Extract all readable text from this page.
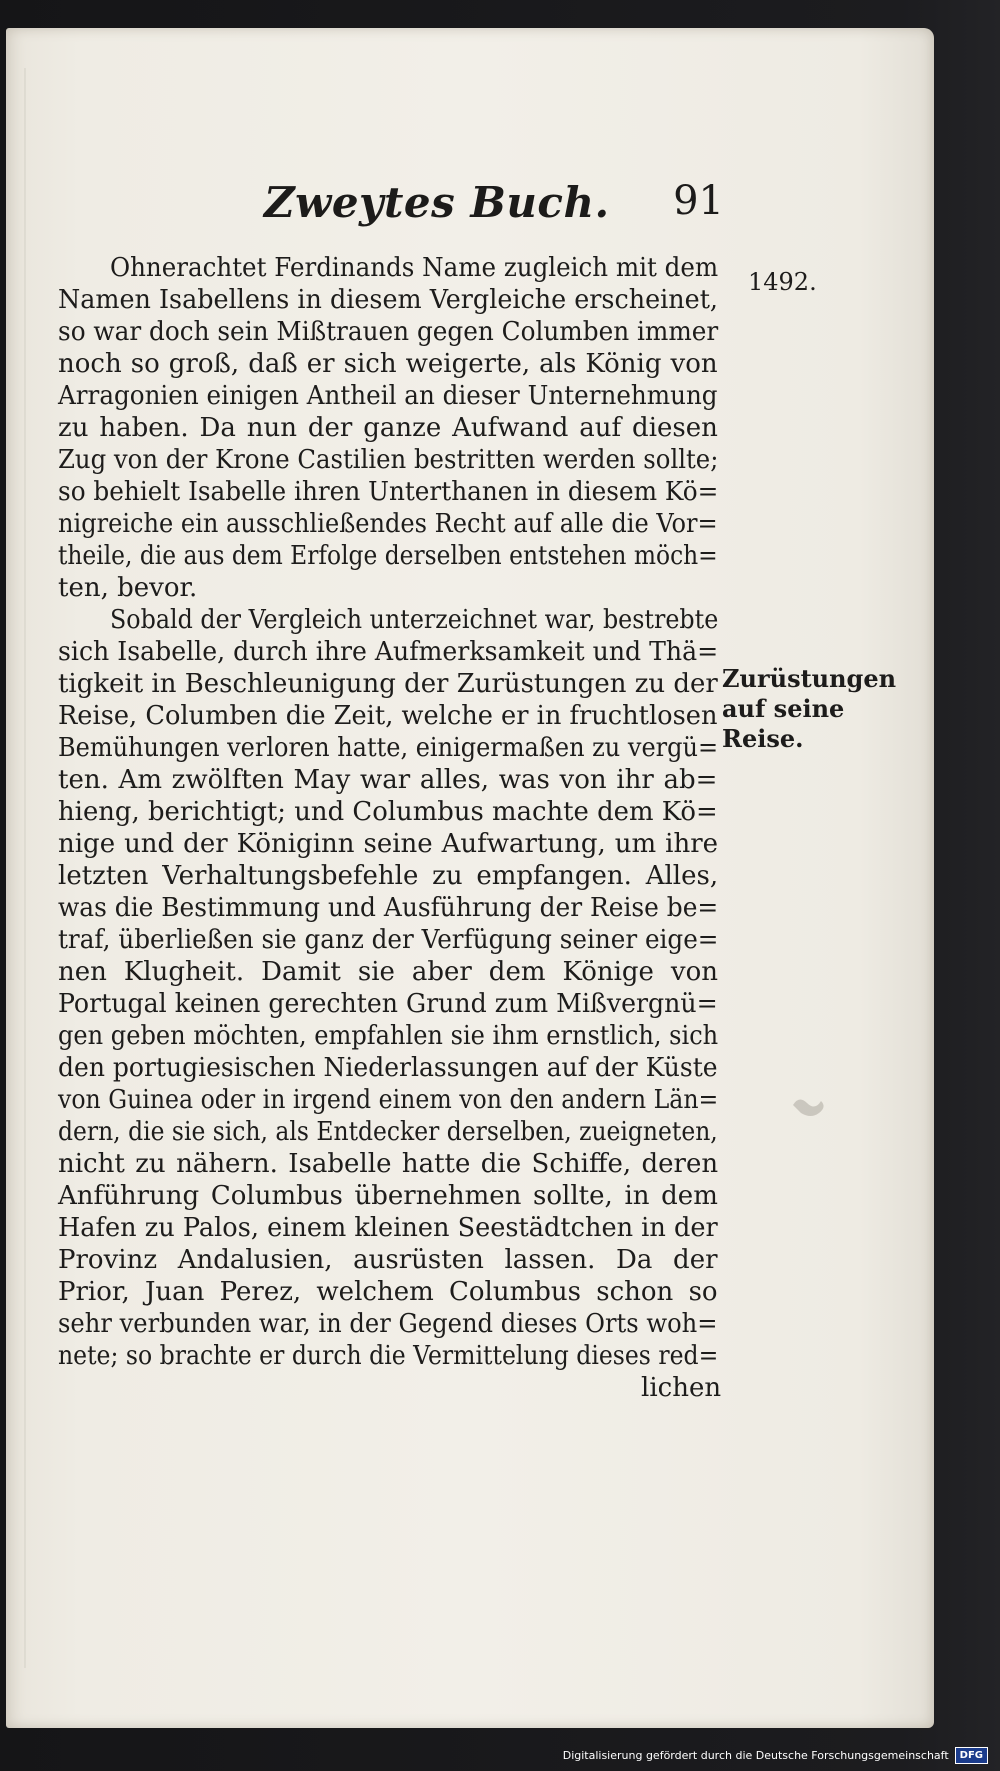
Zweytes Buch. 91
1492.
Zurüstungen
auf seine
Reise.
Ohnerachtet Ferdinands Name zugleich mit dem
Namen Isabellens in diesem Vergleiche erscheinet,
so war doch sein Mißtrauen gegen Columben immer
noch so groß, daß er sich weigerte, als König von
Arragonien einigen Antheil an dieser Unternehmung
zu haben. Da nun der ganze Aufwand auf diesen
Zug von der Krone Castilien bestritten werden sollte;
so behielt Isabelle ihren Unterthanen in diesem Kö=
nigreiche ein ausschließendes Recht auf alle die Vor=
theile, die aus dem Erfolge derselben entstehen möch=
ten, bevor.
Sobald der Vergleich unterzeichnet war, bestrebte
sich Isabelle, durch ihre Aufmerksamkeit und Thä=
tigkeit in Beschleunigung der Zurüstungen zu der
Reise, Columben die Zeit, welche er in fruchtlosen
Bemühungen verloren hatte, einigermaßen zu vergü=
ten. Am zwölften May war alles, was von ihr ab=
hieng, berichtigt; und Columbus machte dem Kö=
nige und der Königinn seine Aufwartung, um ihre
letzten Verhaltungsbefehle zu empfangen. Alles,
was die Bestimmung und Ausführung der Reise be=
traf, überließen sie ganz der Verfügung seiner eige=
nen Klugheit. Damit sie aber dem Könige von
Portugal keinen gerechten Grund zum Mißvergnü=
gen geben möchten, empfahlen sie ihm ernstlich, sich
den portugiesischen Niederlassungen auf der Küste
von Guinea oder in irgend einem von den andern Län=
dern, die sie sich, als Entdecker derselben, zueigneten,
nicht zu nähern. Isabelle hatte die Schiffe, deren
Anführung Columbus übernehmen sollte, in dem
Hafen zu Palos, einem kleinen Seestädtchen in der
Provinz Andalusien, ausrüsten lassen. Da der
Prior, Juan Perez, welchem Columbus schon so
sehr verbunden war, in der Gegend dieses Orts woh=
nete; so brachte er durch die Vermittelung dieses red=
lichen
Digitalisierung gefördert durch die Deutsche Forschungsgemeinschaft	DFG
